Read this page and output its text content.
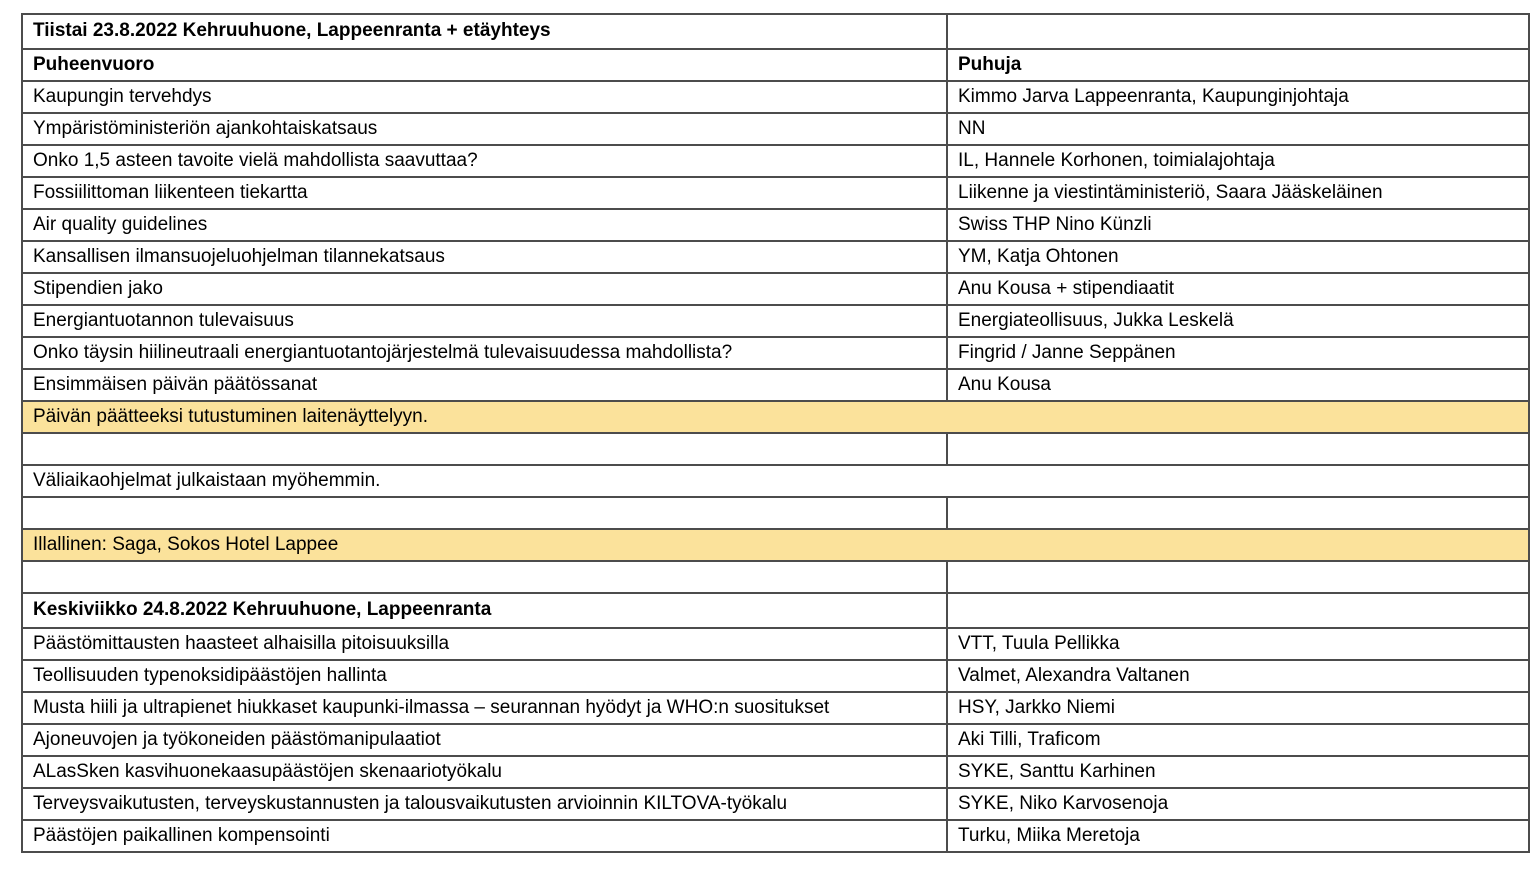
Tiistai 23.8.2022 Kehruuhuone, Lappeenranta + etäyhteys	
Puheenvuoro	Puhuja
Kaupungin tervehdys	Kimmo Jarva Lappeenranta, Kaupunginjohtaja
Ympäristöministeriön ajankohtaiskatsaus	NN
Onko 1,5 asteen tavoite vielä mahdollista saavuttaa?	IL, Hannele Korhonen, toimialajohtaja
Fossiilittoman liikenteen tiekartta	Liikenne ja viestintäministeriö, Saara Jääskeläinen
Air quality guidelines	Swiss THP Nino Künzli
Kansallisen ilmansuojeluohjelman tilannekatsaus	YM, Katja Ohtonen
Stipendien jako	Anu Kousa + stipendiaatit
Energiantuotannon tulevaisuus	Energiateollisuus, Jukka Leskelä
Onko täysin hiilineutraali energiantuotantojärjestelmä tulevaisuudessa mahdollista?	Fingrid / Janne Seppänen
Ensimmäisen päivän päätössanat	Anu Kousa
Päivän päätteeksi tutustuminen laitenäyttelyyn.	

Väliaikaohjelmat julkaistaan myöhemmin.	

Illallinen: Saga, Sokos Hotel Lappee	

Keskiviikko 24.8.2022 Kehruuhuone, Lappeenranta	
Päästömittausten haasteet alhaisilla pitoisuuksilla	VTT, Tuula Pellikka
Teollisuuden typenoksidipäästöjen hallinta	Valmet, Alexandra Valtanen
Musta hiili ja ultrapienet hiukkaset kaupunki-ilmassa – seurannan hyödyt ja WHO:n suositukset	HSY, Jarkko Niemi
Ajoneuvojen ja työkoneiden päästömanipulaatiot	Aki Tilli, Traficom
ALasSken kasvihuonekaasupäästöjen skenaariotyökalu	SYKE, Santtu Karhinen
Terveysvaikutusten, terveyskustannusten ja talousvaikutusten arvioinnin KILTOVA-työkalu	SYKE, Niko Karvosenoja
Päästöjen paikallinen kompensointi	Turku, Miika Meretoja
